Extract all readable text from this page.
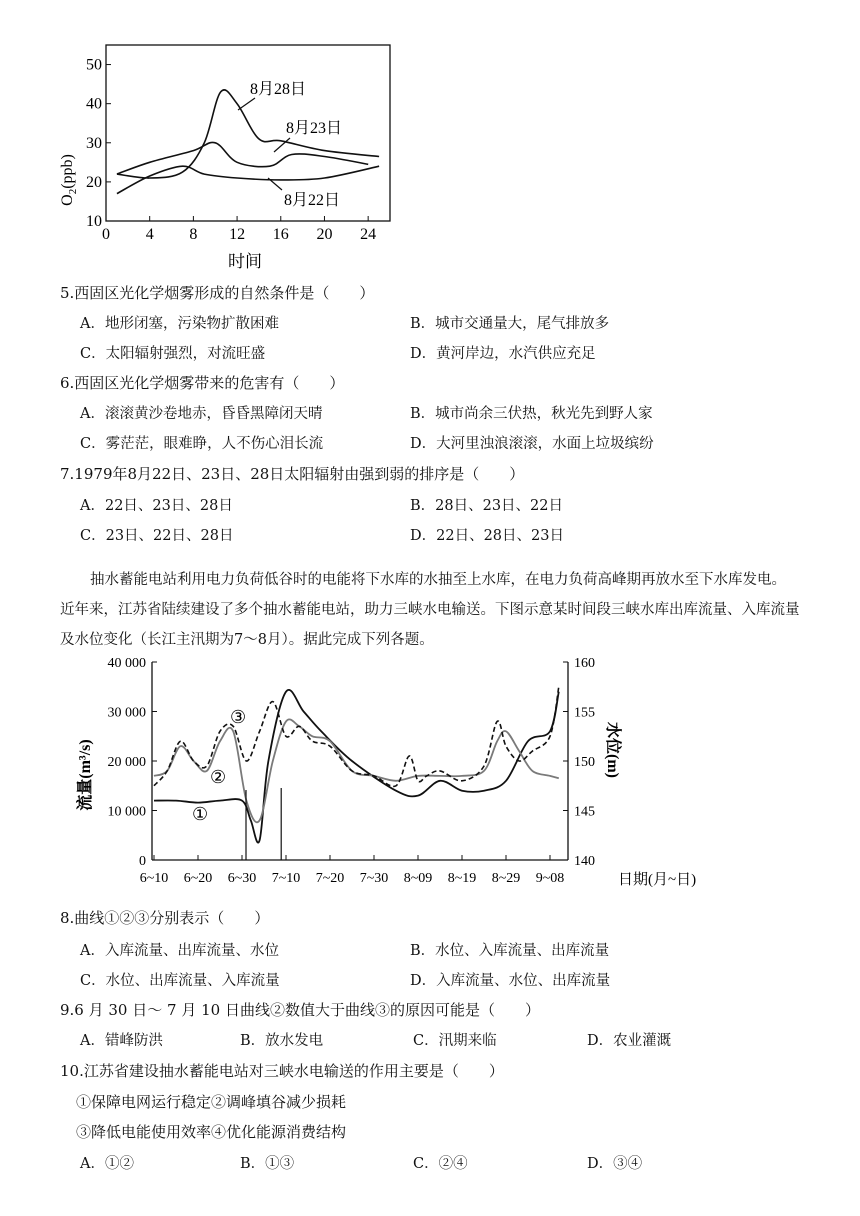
0 4 8 12 16 20 24
10
20
30
40
50
时间
$O_2(ppb)$
8月28日
8月23日
8月22日
5.西固区光化学烟雾形成的自然条件是（　　）
A．地形闭塞，污染物扩散困难	B．城市交通量大，尾气排放多
C．太阳辐射强烈，对流旺盛	D．黄河岸边，水汽供应充足
6.西固区光化学烟雾带来的危害有（　　）
A．滚滚黄沙卷地赤，昏昏黑障闭天晴	B．城市尚余三伏热，秋光先到野人家
C．雾茫茫，眼难睁，人不伤心泪长流	D．大河里浊浪滚滚，水面上垃圾缤纷
7.1979年8月22日、23日、28日太阳辐射由强到弱的排序是（　　）
A．22日、23日、28日	B．28日、23日、22日
C．23日、22日、28日	D．22日、28日、23日
抽水蓄能电站利用电力负荷低谷时的电能将下水库的水抽至上水库，在电力负荷高峰期再放水至下水库发电。近年来，江苏省陆续建设了多个抽水蓄能电站，助力三峡水电输送。下图示意某时间段三峡水库出库流量、入库流量及水位变化（长江主汛期为7～8月）。据此完成下列各题。
6~10 6~20 6~30 7~10 7~20 7~30 8~09 8~19 8~29 9~08
0
10 000
20 000
30 000
40 000
140
145
150
155
160
流量(m³/s)	水位(m)
日期(月~日)
①
②
③
8.曲线①②③分别表示（　　）
A．入库流量、出库流量、水位	B．水位、入库流量、出库流量
C．水位、出库流量、入库流量	D．入库流量、水位、出库流量
9.6 月 30 日～ 7 月 10 日曲线②数值大于曲线③的原因可能是（　　）
A．错峰防洪	B．放水发电	C．汛期来临	D．农业灌溉
10.江苏省建设抽水蓄能电站对三峡水电输送的作用主要是（　　）
①保障电网运行稳定②调峰填谷减少损耗
③降低电能使用效率④优化能源消费结构
A．①②	B．①③	C．②④	D．③④
